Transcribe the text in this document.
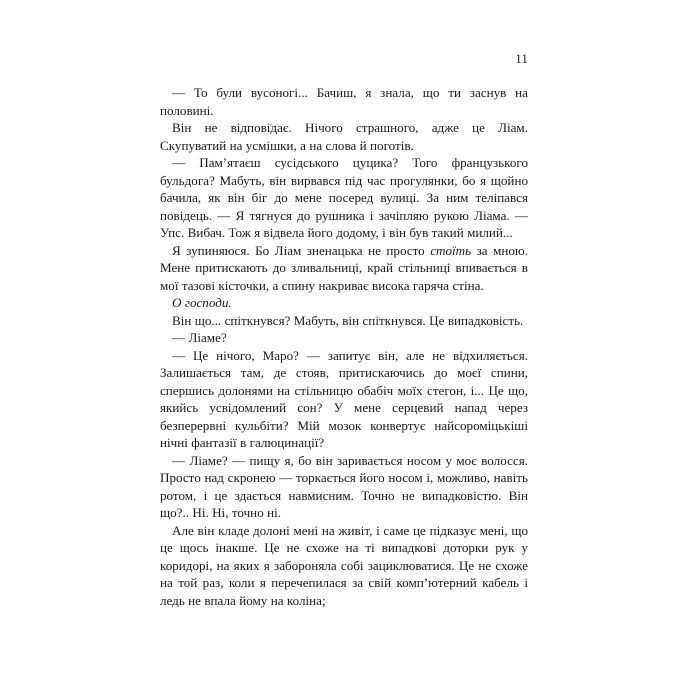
11

— То були вусоногі... Бачиш, я знала, що ти заснув на половині.

Він не відповідає. Нічого страшного, адже це Ліам. Скупуватий на усмішки, а на слова й поготів.

— Пам’ятаєш сусідського цуцика? Того французького бульдога? Мабуть, він вирвався під час прогулянки, бо я щойно бачила, як він біг до мене посеред вулиці. За ним теліпався повідець. — Я тягнуся до рушника і зачіпляю рукою Ліама. — Упс. Вибач. Тож я відвела його додому, і він був такий милий...

Я зупиняюся. Бо Ліам зненацька не просто стоїть за мною. Мене притискають до зливальниці, край стільниці впивається в мої тазові кісточки, а спину накриває висока гаряча стіна.

О господи.

Він що... спіткнувся? Мабуть, він спіткнувся. Це випадковість.

— Ліаме?

— Це нічого, Маро? — запитує він, але не відхиляється. Залишається там, де стояв, притискаючись до моєї спини, спершись долонями на стільницю обабіч моїх стегон, і... Це що, якийсь усвідомлений сон? У мене серцевий напад через безперервні кульбіти? Мій мозок конвертує найсороміцькіші нічні фантазії в галюцинації?

— Ліаме? — пищу я, бо він заривається носом у моє волосся. Просто над скронею — торкається його носом і, можливо, навіть ротом, і це здається навмисним. Точно не випадковістю. Він що?.. Ні. Ні, точно ні.

Але він кладе долоні мені на живіт, і саме це підказує мені, що це щось інакше. Це не схоже на ті випадкові доторки рук у коридорі, на яких я забороняла собі зациклюватися. Це не схоже на той раз, коли я перечепилася за свій комп’ютерний кабель і ледь не впала йому на коліна;
